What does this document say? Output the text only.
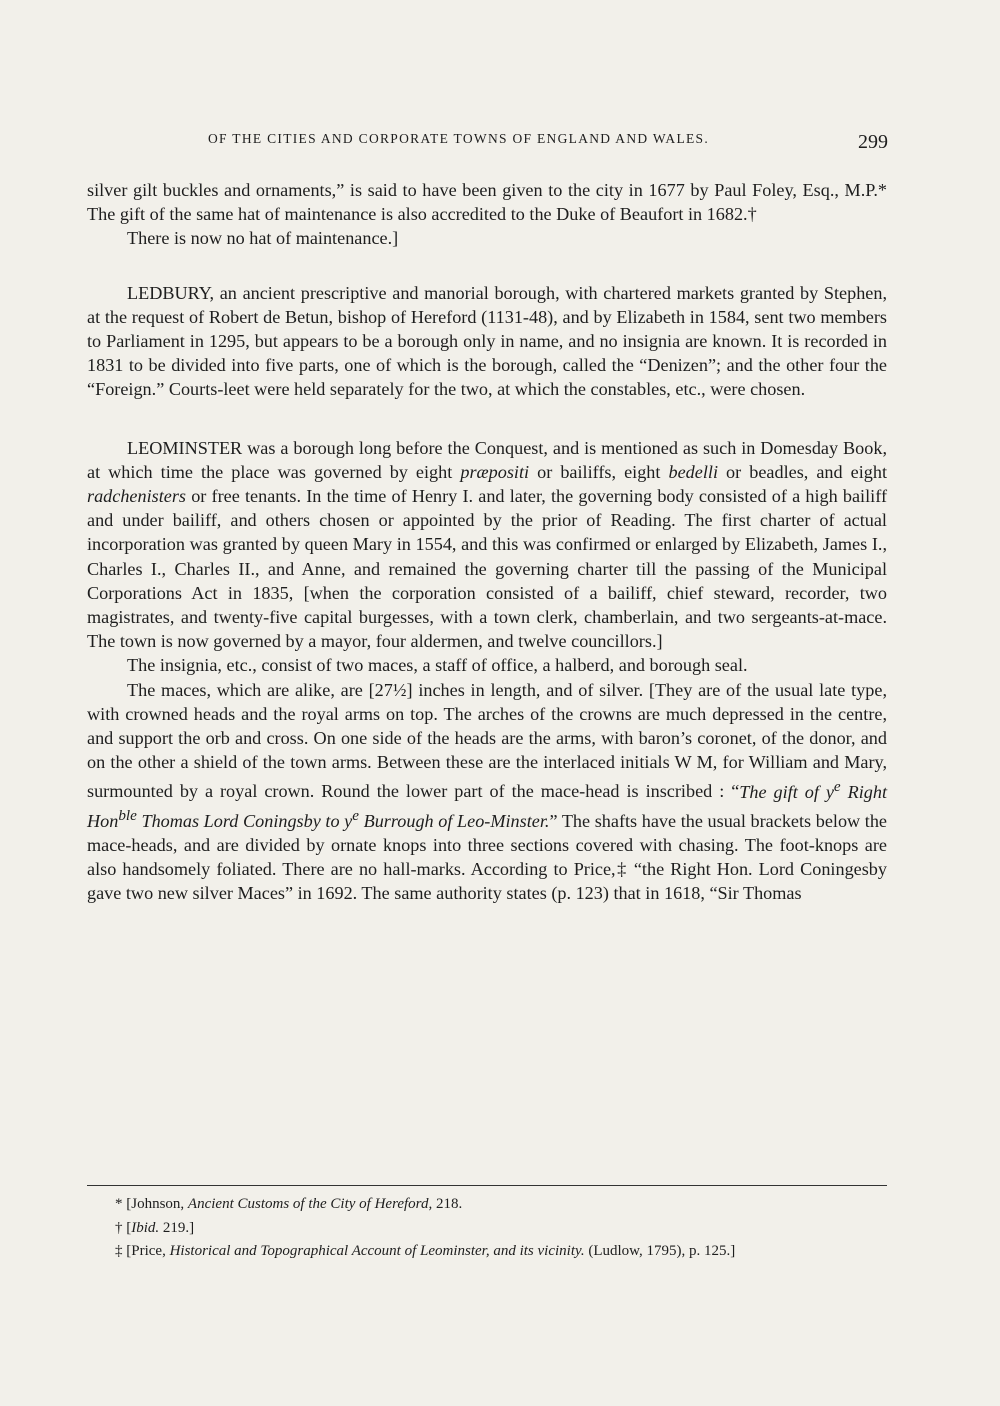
OF THE CITIES AND CORPORATE TOWNS OF ENGLAND AND WALES.	299

silver gilt buckles and ornaments,” is said to have been given to the city in 1677 by Paul Foley, Esq., M.P.* The gift of the same hat of maintenance is also accredited to the Duke of Beaufort in 1682.†

There is now no hat of maintenance.]

LEDBURY, an ancient prescriptive and manorial borough, with chartered markets granted by Stephen, at the request of Robert de Betun, bishop of Hereford (1131-48), and by Elizabeth in 1584, sent two members to Parliament in 1295, but appears to be a borough only in name, and no insignia are known. It is recorded in 1831 to be divided into five parts, one of which is the borough, called the “Denizen”; and the other four the “Foreign.” Courts-leet were held separately for the two, at which the constables, etc., were chosen.

LEOMINSTER was a borough long before the Conquest, and is mentioned as such in Domesday Book, at which time the place was governed by eight præpositi or bailiffs, eight bedelli or beadles, and eight radchenisters or free tenants. In the time of Henry I. and later, the governing body consisted of a high bailiff and under bailiff, and others chosen or appointed by the prior of Reading. The first charter of actual incorporation was granted by queen Mary in 1554, and this was confirmed or enlarged by Elizabeth, James I., Charles I., Charles II., and Anne, and remained the governing charter till the passing of the Municipal Corporations Act in 1835, [when the corporation consisted of a bailiff, chief steward, recorder, two magistrates, and twenty-five capital burgesses, with a town clerk, chamberlain, and two sergeants-at-mace. The town is now governed by a mayor, four aldermen, and twelve councillors.]

The insignia, etc., consist of two maces, a staff of office, a halberd, and borough seal.

The maces, which are alike, are [27½] inches in length, and of silver. [They are of the usual late type, with crowned heads and the royal arms on top. The arches of the crowns are much depressed in the centre, and support the orb and cross. On one side of the heads are the arms, with baron’s coronet, of the donor, and on the other a shield of the town arms. Between these are the interlaced initials W M, for William and Mary, surmounted by a royal crown. Round the lower part of the mace-head is inscribed : “The gift of $y^e$ Right Hon$^{ble}$ Thomas Lord Coningsby to $y^e$ Burrough of Leo-Minster.” The shafts have the usual brackets below the mace-heads, and are divided by ornate knops into three sections covered with chasing. The foot-knops are also handsomely foliated. There are no hall-marks. According to Price,‡ “the Right Hon. Lord Coningesby gave two new silver Maces” in 1692. The same authority states (p. 123) that in 1618, “Sir Thomas

* [Johnson, Ancient Customs of the City of Hereford, 218.

† [Ibid. 219.]

‡ [Price, Historical and Topographical Account of Leominster, and its vicinity. (Ludlow, 1795), p. 125.]
